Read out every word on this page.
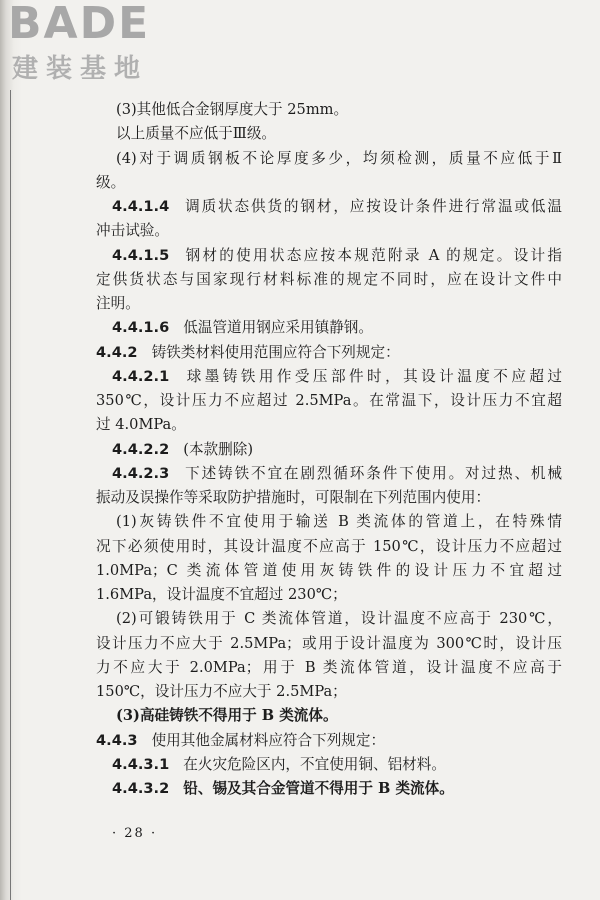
BADE
建装基地

(3)其他低合金钢厚度大于 25mm。

以上质量不应低于Ⅲ级。

(4)对于调质钢板不论厚度多少，均须检测，质量不应低于Ⅱ

级。

4.4.1.4 调质状态供货的钢材，应按设计条件进行常温或低温

冲击试验。

4.4.1.5 钢材的使用状态应按本规范附录 A 的规定。设计指

定供货状态与国家现行材料标准的规定不同时，应在设计文件中

注明。

4.4.1.6 低温管道用钢应采用镇静钢。

4.4.2 铸铁类材料使用范围应符合下列规定：

4.4.2.1 球墨铸铁用作受压部件时，其设计温度不应超过

350℃，设计压力不应超过 2.5MPa。在常温下，设计压力不宜超

过 4.0MPa。

4.4.2.2 (本款删除)

4.4.2.3 下述铸铁不宜在剧烈循环条件下使用。对过热、机械

振动及误操作等采取防护措施时，可限制在下列范围内使用：

(1)灰铸铁件不宜使用于输送 B 类流体的管道上，在特殊情

况下必须使用时，其设计温度不应高于 150℃，设计压力不应超过

1.0MPa；C 类流体管道使用灰铸铁件的设计压力不宜超过

1.6MPa，设计温度不宜超过 230℃；

(2)可锻铸铁用于 C 类流体管道，设计温度不应高于 230℃，

设计压力不应大于 2.5MPa；或用于设计温度为 300℃时，设计压

力不应大于 2.0MPa；用于 B 类流体管道，设计温度不应高于

150℃，设计压力不应大于 2.5MPa；

(3)高硅铸铁不得用于 B 类流体。

4.4.3 使用其他金属材料应符合下列规定：

4.4.3.1 在火灾危险区内，不宜使用铜、铝材料。

4.4.3.2 铅、锡及其合金管道不得用于 B 类流体。

· 28 ·
